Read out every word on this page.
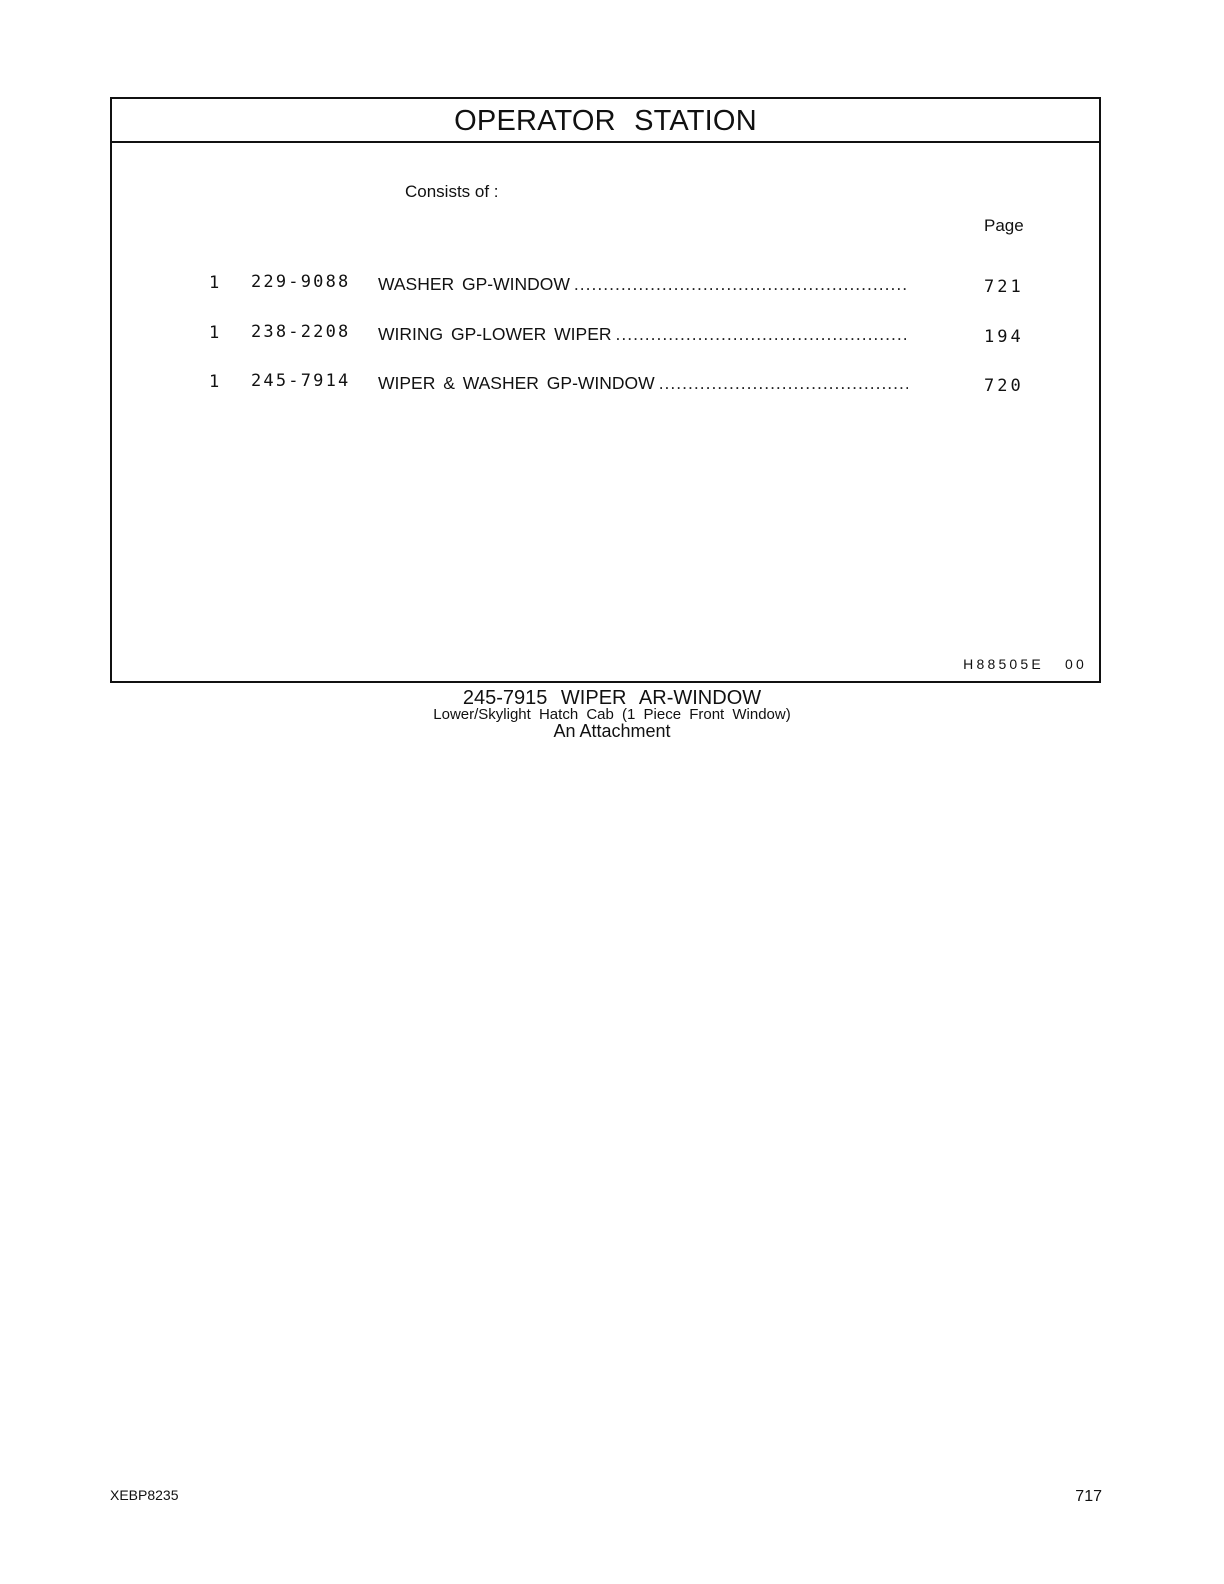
OPERATOR STATION
Consists of :
Page
1 229-9088 WASHER GP-WINDOW .....	721
1 238-2208 WIRING GP-LOWER WIPER .....	194
1 245-7914 WIPER & WASHER GP-WINDOW .....	720
H88505E 00
245-7915 WIPER AR-WINDOW
Lower/Skylight Hatch Cab (1 Piece Front Window)
An Attachment
XEBP8235	717
